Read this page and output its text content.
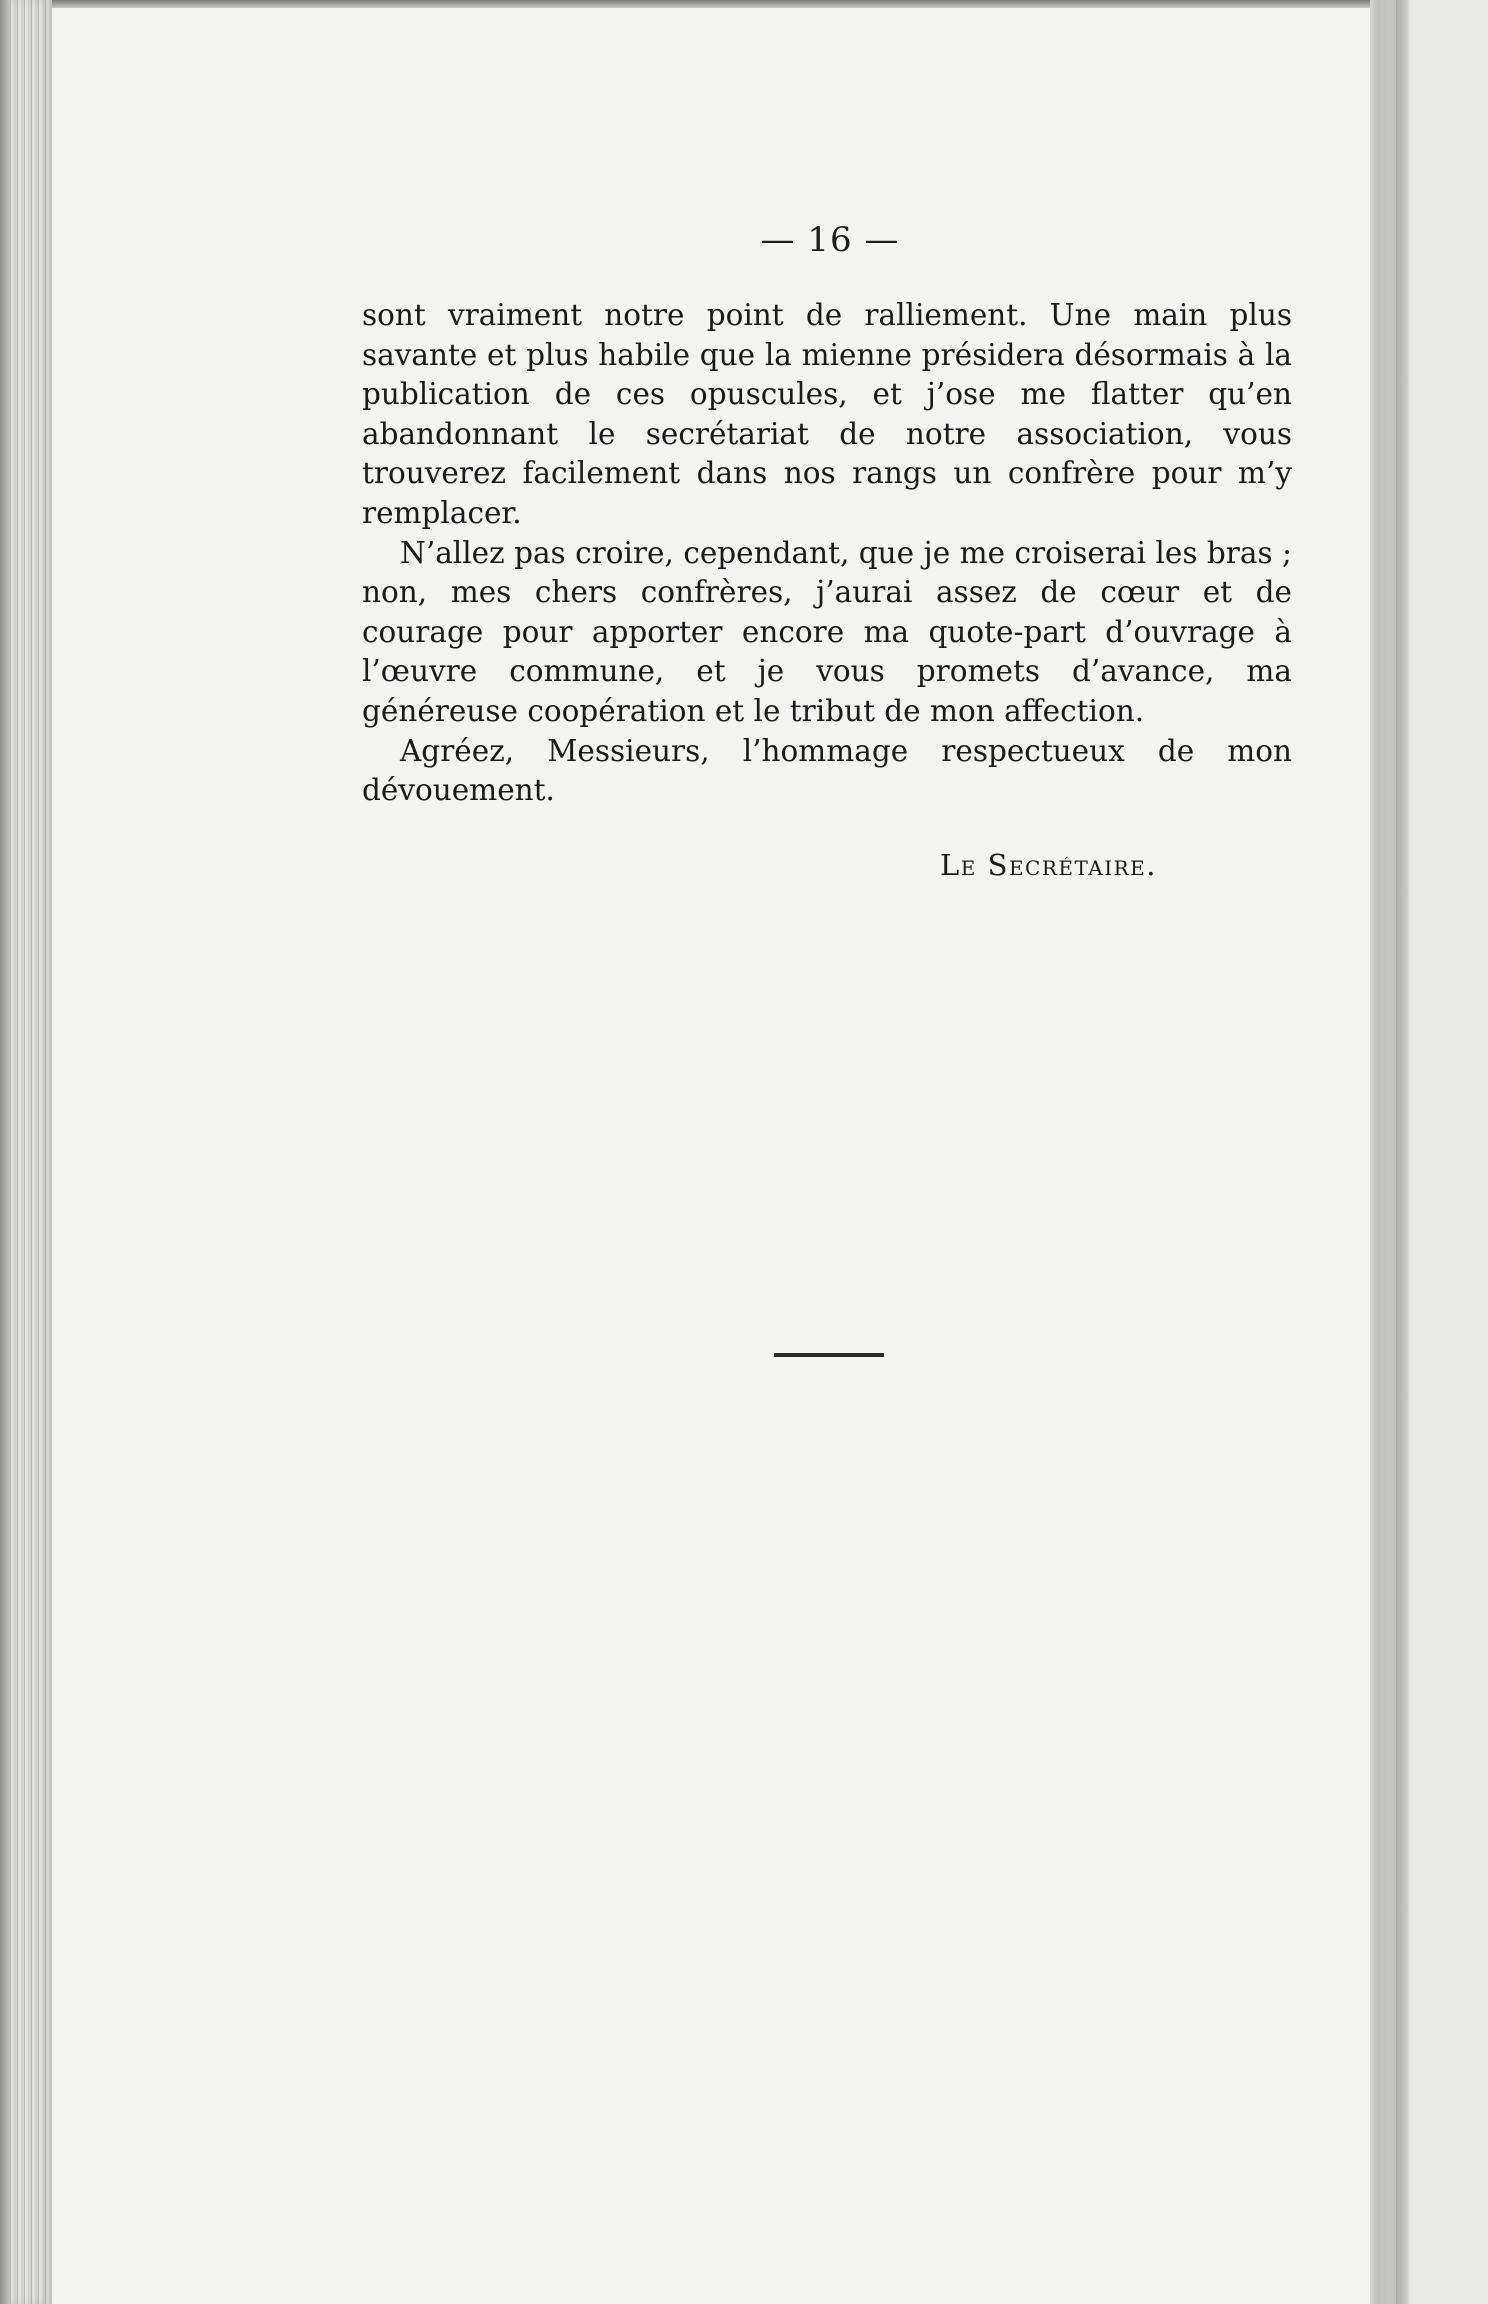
— 16 —

sont vraiment notre point de ralliement. Une main plus savante et plus habile que la mienne présidera désormais à la publication de ces opuscules, et j’ose me flatter qu’en abandonnant le secrétariat de notre association, vous trouverez facilement dans nos rangs un confrère pour m’y remplacer.

N’allez pas croire, cependant, que je me croiserai les bras ; non, mes chers confrères, j’aurai assez de cœur et de courage pour apporter encore ma quote-part d’ouvrage à l’œuvre commune, et je vous promets d’avance, ma généreuse coopération et le tribut de mon affection.

Agréez, Messieurs, l’hommage respectueux de mon dévouement.

Le Secrétaire.
